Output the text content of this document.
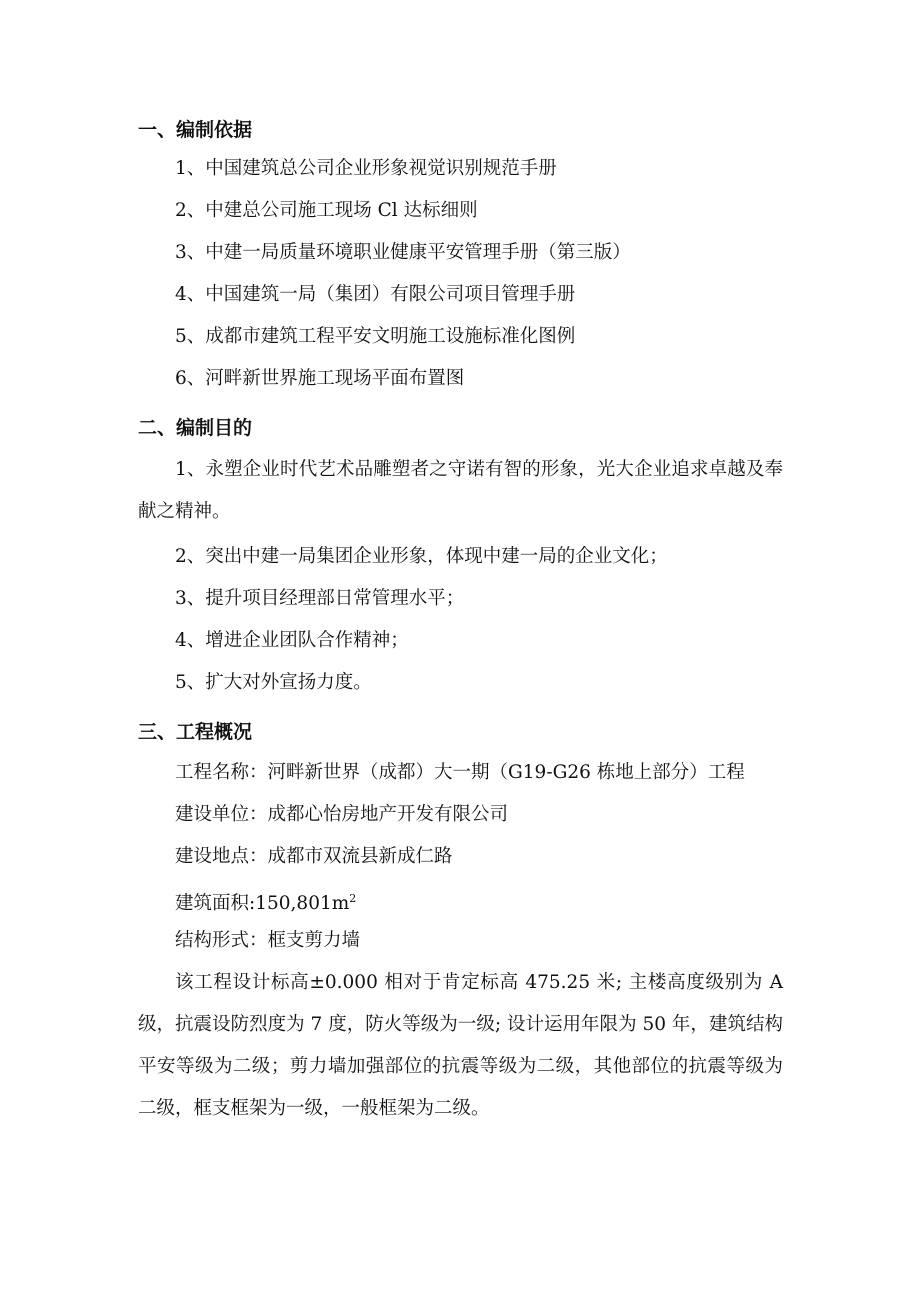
一、编制依据
1、中国建筑总公司企业形象视觉识别规范手册
2、中建总公司施工现场 Cl 达标细则
3、中建一局质量环境职业健康平安管理手册（第三版）
4、中国建筑一局（集团）有限公司项目管理手册
5、成都市建筑工程平安文明施工设施标准化图例
6、河畔新世界施工现场平面布置图
二、编制目的
1、永塑企业时代艺术品雕塑者之守诺有智的形象，光大企业追求卓越及奉献之精神。
2、突出中建一局集团企业形象，体现中建一局的企业文化；
3、提升项目经理部日常管理水平；
4、增进企业团队合作精神；
5、扩大对外宣扬力度。
三、工程概况
工程名称：河畔新世界（成都）大一期（G19-G26 栋地上部分）工程
建设单位：成都心怡房地产开发有限公司
建设地点：成都市双流县新成仁路
建筑面积$:150,801m^2$
结构形式：框支剪力墙
该工程设计标高±0.000 相对于肯定标高 475.25 米; 主楼高度级别为 A 级，抗震设防烈度为 7 度，防火等级为一级; 设计运用年限为 50 年，建筑结构平安等级为二级；剪力墙加强部位的抗震等级为二级，其他部位的抗震等级为二级，框支框架为一级，一般框架为二级。
